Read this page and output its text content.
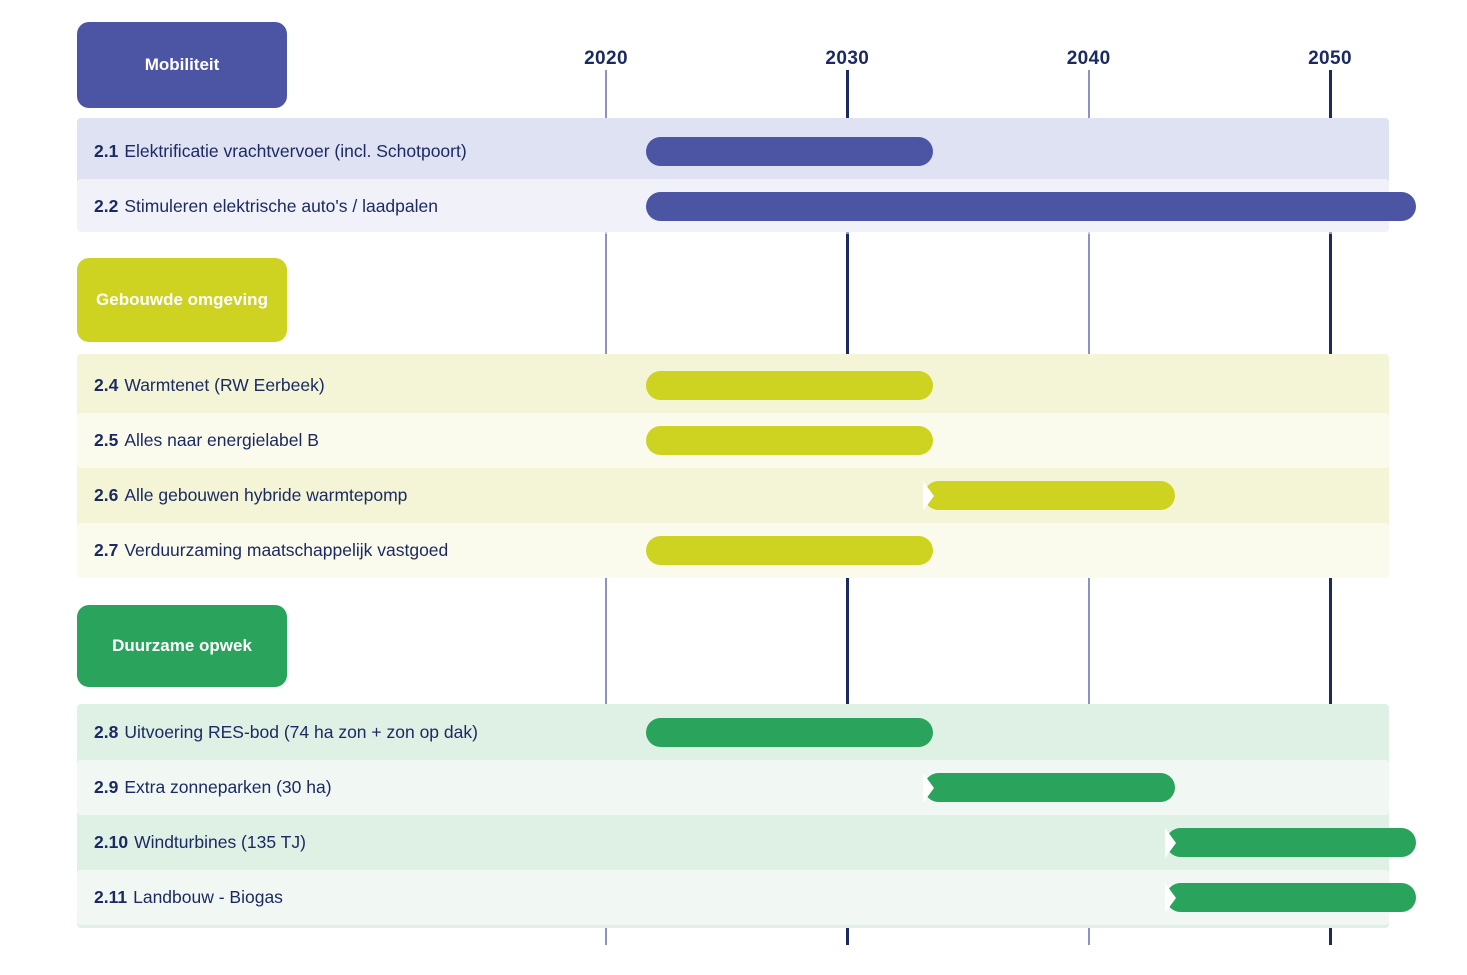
2020	2030	2040	2050
Mobiliteit
2.1 Elektrificatie vrachtvervoer (incl. Schotpoort)
2.2 Stimuleren elektrische auto's / laadpalen
Gebouwde omgeving
2.4 Warmtenet (RW Eerbeek)
2.5 Alles naar energielabel B
2.6 Alle gebouwen hybride warmtepomp
2.7 Verduurzaming maatschappelijk vastgoed
Duurzame opwek
2.8 Uitvoering RES-bod (74 ha zon + zon op dak)
2.9 Extra zonneparken (30 ha)
2.10 Windturbines (135 TJ)
2.11 Landbouw - Biogas
